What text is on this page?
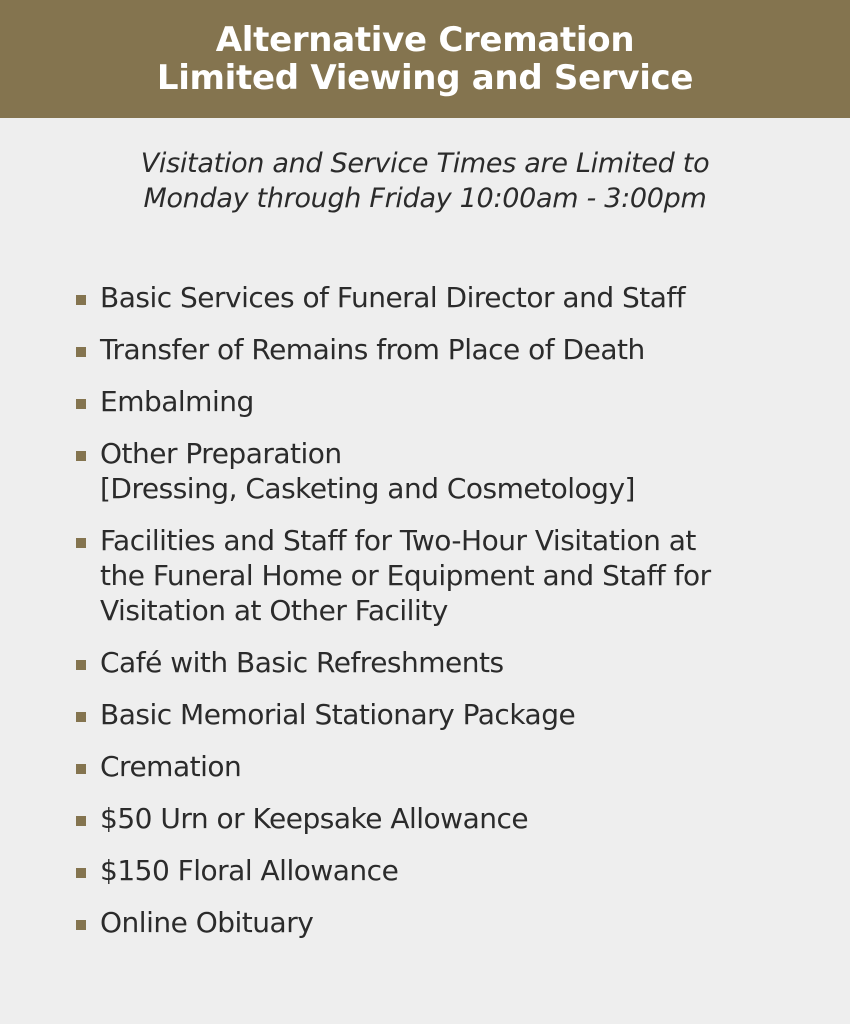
Alternative Cremation
Limited Viewing and Service
Visitation and Service Times are Limited to
Monday through Friday 10:00am - 3:00pm
Basic Services of Funeral Director and Staff
Transfer of Remains from Place of Death
Embalming
Other Preparation
[Dressing, Casketing and Cosmetology]
Facilities and Staff for Two-Hour Visitation at
the Funeral Home or Equipment and Staff for
Visitation at Other Facility
Café with Basic Refreshments
Basic Memorial Stationary Package
Cremation
$50 Urn or Keepsake Allowance
$150 Floral Allowance
Online Obituary
